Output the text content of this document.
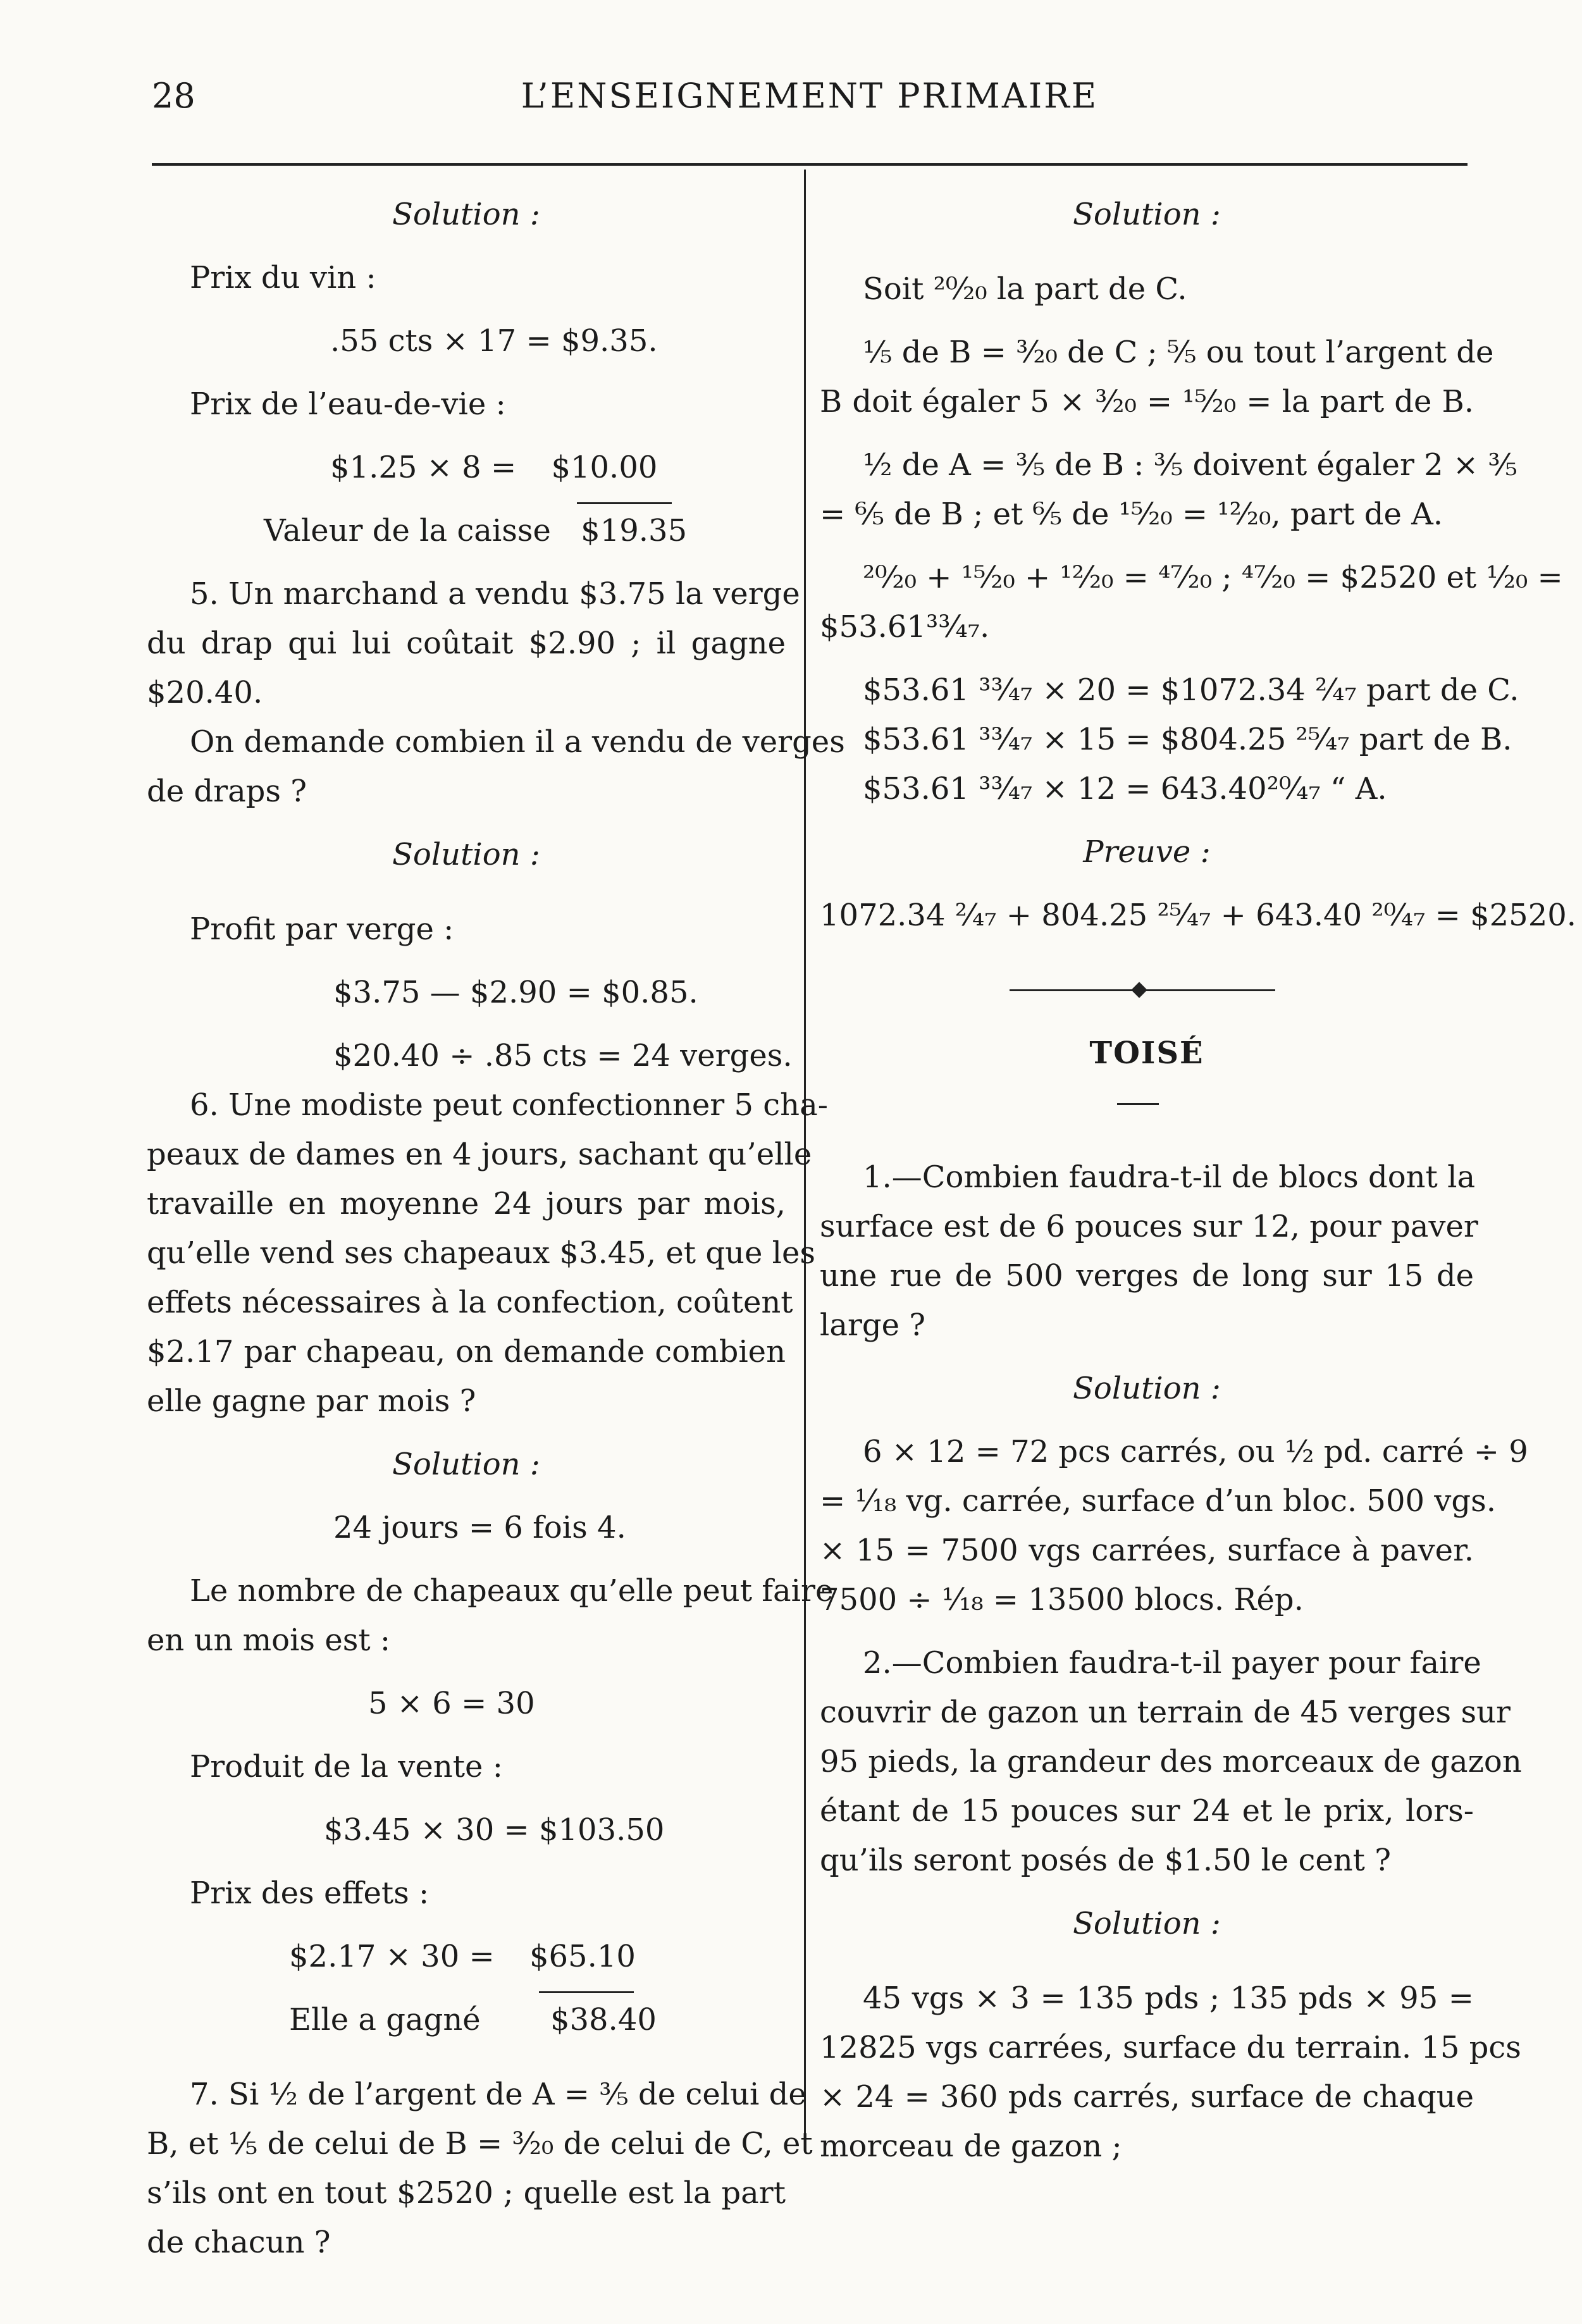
28	L’ENSEIGNEMENT PRIMAIRE
Solution :
Prix du vin :
.55 cts × 17 = $9.35.
Prix de l’eau-de-vie :
$1.25 × 8 = $10.00
Valeur de la caisse $19.35
5. Un marchand a vendu $3.75 la verge
du drap qui lui coûtait $2.90 ; il gagne
$20.40.
On demande combien il a vendu de verges
de draps ?
Solution :
Profit par verge :
$3.75 — $2.90 = $0.85.
$20.40 ÷ .85 cts = 24 verges.
6. Une modiste peut confectionner 5 cha-
peaux de dames en 4 jours, sachant qu’elle
travaille en moyenne 24 jours par mois,
qu’elle vend ses chapeaux $3.45, et que les
effets nécessaires à la confection, coûtent
$2.17 par chapeau, on demande combien
elle gagne par mois ?
Solution :
24 jours = 6 fois 4.
Le nombre de chapeaux qu’elle peut faire
en un mois est :
5 × 6 = 30
Produit de la vente :
$3.45 × 30 = $103.50
Prix des effets :
$2.17 × 30 = $65.10
Elle a gagné $38.40
7. Si ½ de l’argent de A = ⅗ de celui de
B, et ⅕ de celui de B = ³⁄₂₀ de celui de C, et
s’ils ont en tout $2520 ; quelle est la part
de chacun ?
Solution :
Soit ²⁰⁄₂₀ la part de C.
⅕ de B = ³⁄₂₀ de C ; ⁵⁄₅ ou tout l’argent de
B doit égaler 5 × ³⁄₂₀ = ¹⁵⁄₂₀ = la part de B.
½ de A = ⅗ de B : ⅗ doivent égaler 2 × ⅗
= ⁶⁄₅ de B ; et ⁶⁄₅ de ¹⁵⁄₂₀ = ¹²⁄₂₀, part de A.
²⁰⁄₂₀ + ¹⁵⁄₂₀ + ¹²⁄₂₀ = ⁴⁷⁄₂₀ ; ⁴⁷⁄₂₀ = $2520 et ¹⁄₂₀ =
$53.61³³⁄₄₇.
$53.61 ³³⁄₄₇ × 20 = $1072.34 ²⁄₄₇ part de C.
$53.61 ³³⁄₄₇ × 15 = $804.25 ²⁵⁄₄₇ part de B.
$53.61 ³³⁄₄₇ × 12 = 643.40²⁰⁄₄₇ “ A.
Preuve :
1072.34 ²⁄₄₇ + 804.25 ²⁵⁄₄₇ + 643.40 ²⁰⁄₄₇ = $2520.
TOISÉ
1.—Combien faudra-t-il de blocs dont la
surface est de 6 pouces sur 12, pour paver
une rue de 500 verges de long sur 15 de
large ?
Solution :
6 × 12 = 72 pcs carrés, ou ½ pd. carré ÷ 9
= ¹⁄₁₈ vg. carrée, surface d’un bloc. 500 vgs.
× 15 = 7500 vgs carrées, surface à paver.
7500 ÷ ¹⁄₁₈ = 13500 blocs. Rép.
2.—Combien faudra-t-il payer pour faire
couvrir de gazon un terrain de 45 verges sur
95 pieds, la grandeur des morceaux de gazon
étant de 15 pouces sur 24 et le prix, lors-
qu’ils seront posés de $1.50 le cent ?
Solution :
45 vgs × 3 = 135 pds ; 135 pds × 95 =
12825 vgs carrées, surface du terrain. 15 pcs
× 24 = 360 pds carrés, surface de chaque
morceau de gazon ;
